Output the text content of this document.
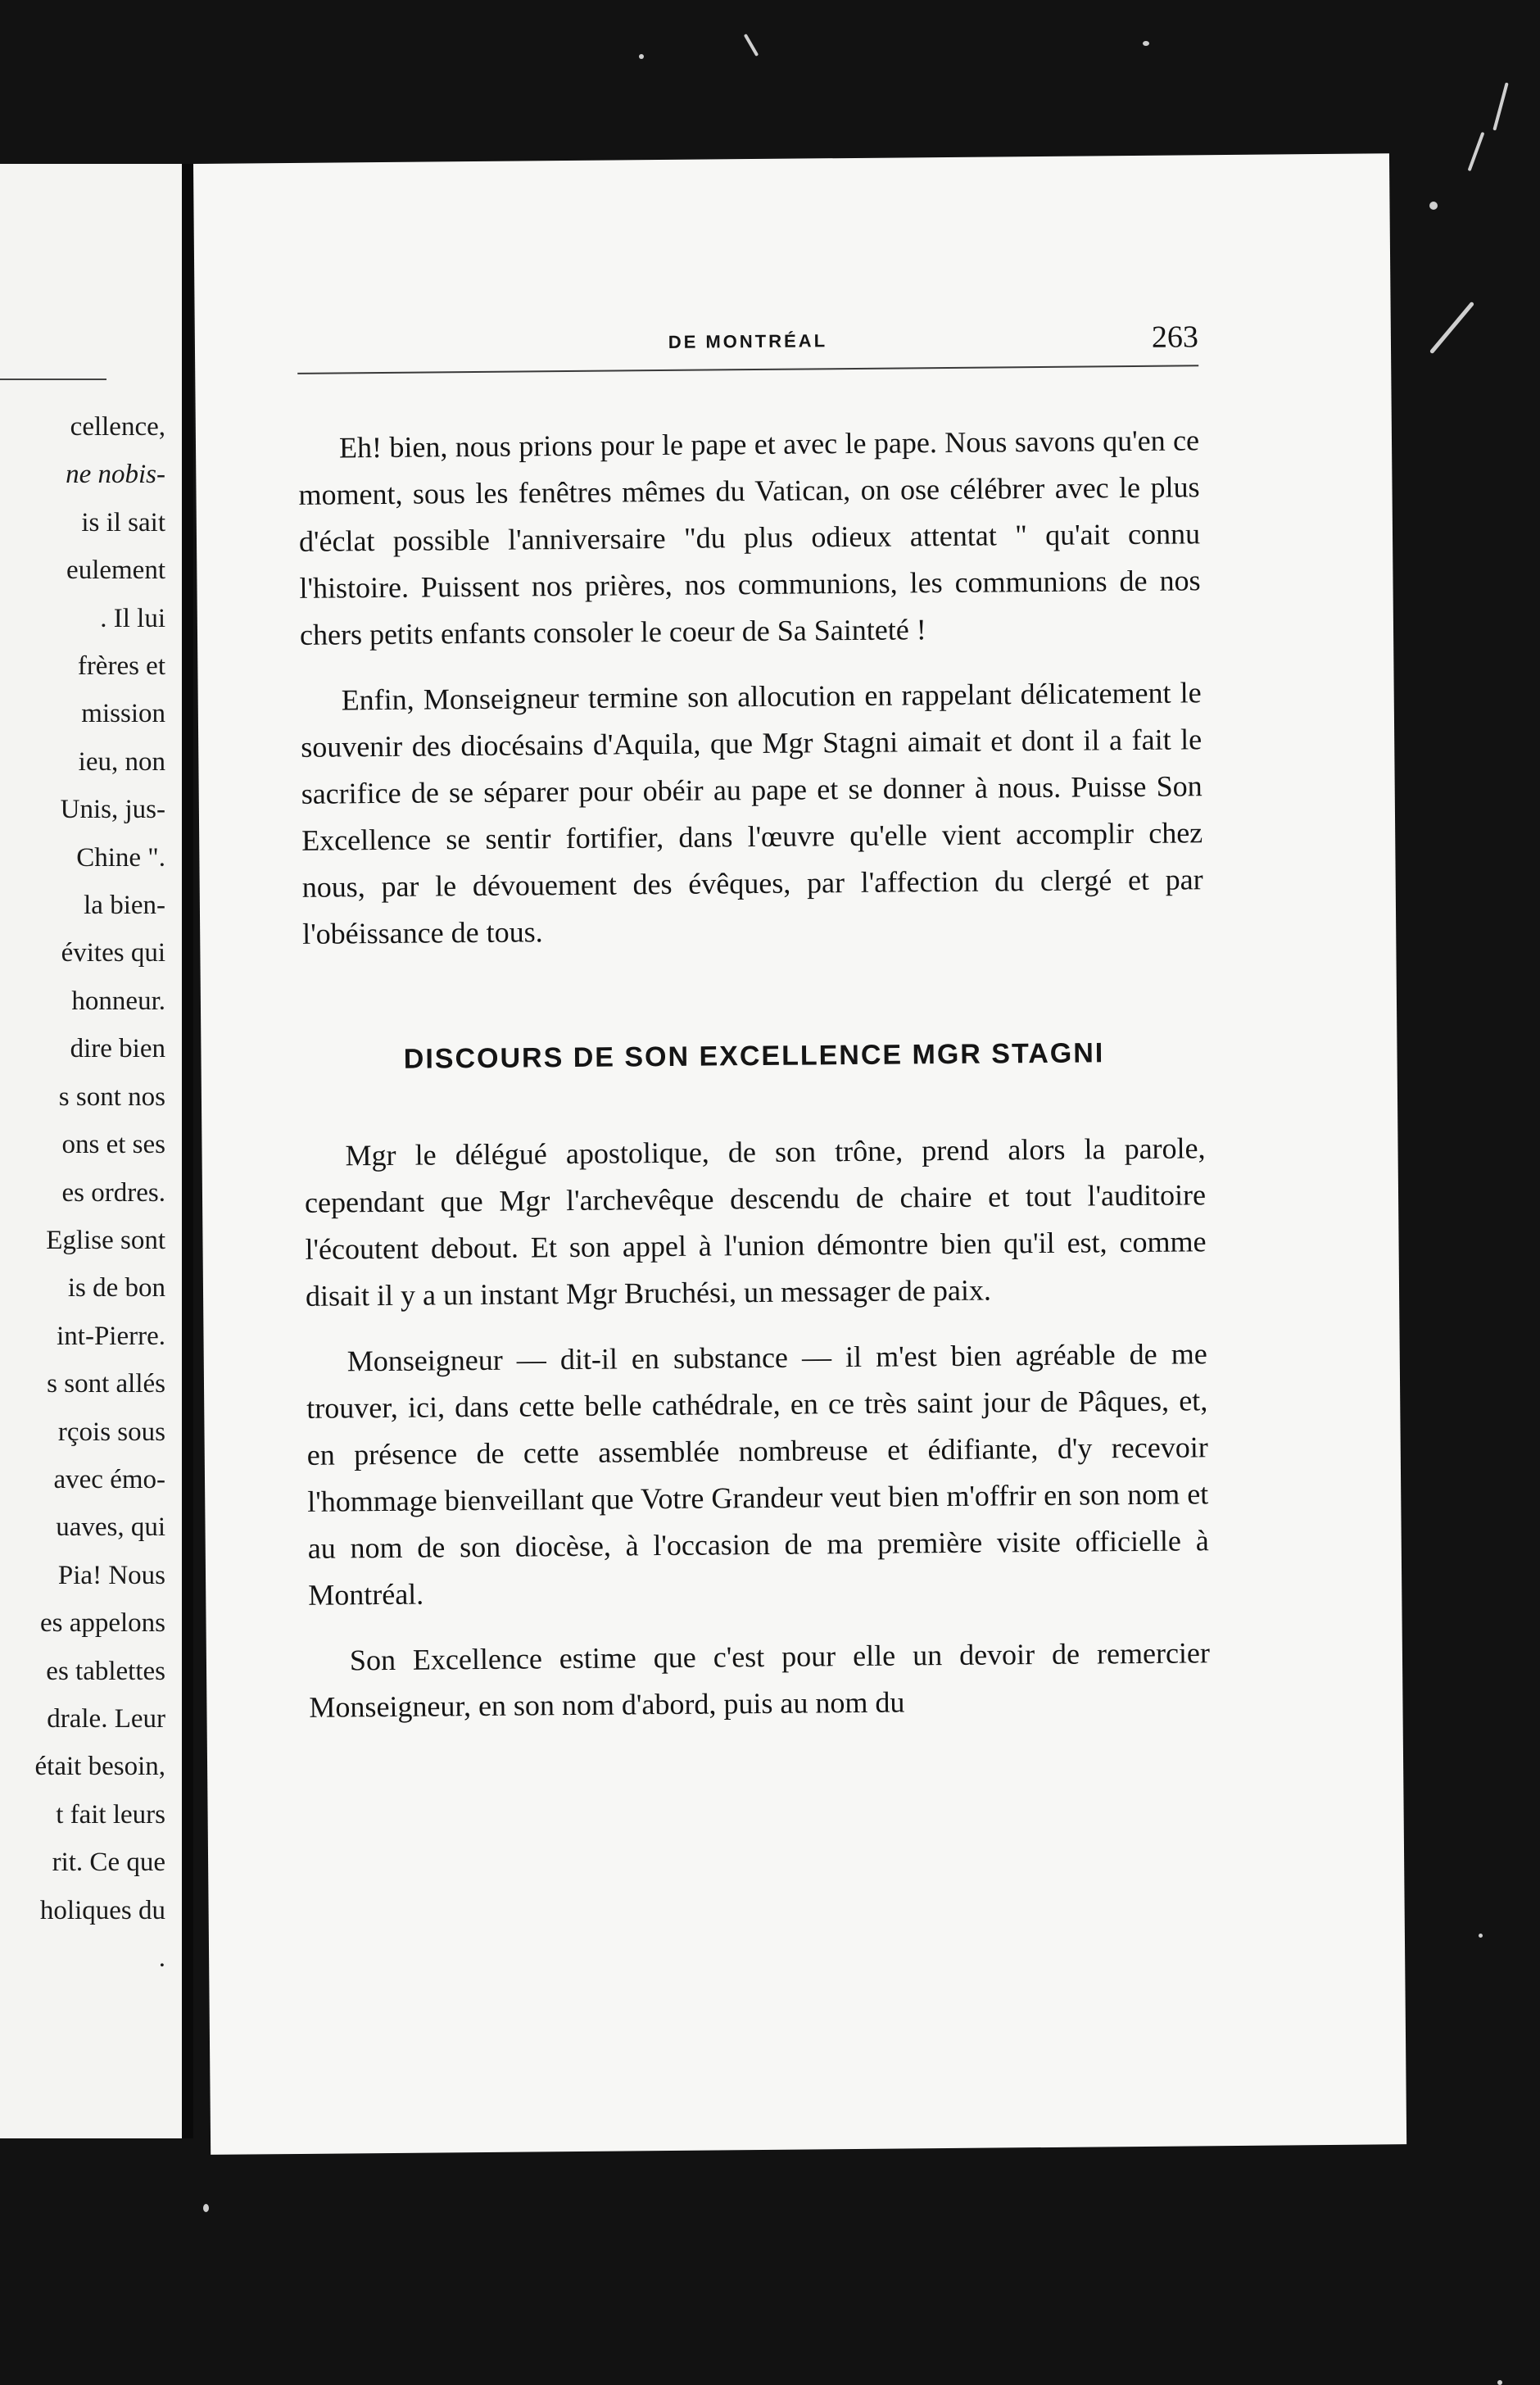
cellence,
ne nobis-
is il sait
eulement
. Il lui
frères et
mission
ieu, non
Unis, jus-
Chine ".
la bien-
évites qui
honneur.
dire bien
s sont nos
ons et ses
es ordres.
Eglise sont
is de bon
int-Pierre.
s sont allés
rçois sous
avec émo-
uaves, qui
Pia! Nous
es appelons
es tablettes
drale. Leur
était besoin,
t fait leurs
rit. Ce que
holiques du
.
DE MONTRÉAL	263

Eh! bien, nous prions pour le pape et avec le pape. Nous savons qu'en ce moment, sous les fenêtres mêmes du Vatican, on ose célébrer avec le plus d'éclat possible l'anniversaire "du plus odieux attentat " qu'ait connu l'histoire. Puissent nos prières, nos communions, les communions de nos chers petits enfants consoler le coeur de Sa Sainteté !

Enfin, Monseigneur termine son allocution en rappelant délicatement le souvenir des diocésains d'Aquila, que Mgr Stagni aimait et dont il a fait le sacrifice de se séparer pour obéir au pape et se donner à nous. Puisse Son Excellence se sentir fortifier, dans l'œuvre qu'elle vient accomplir chez nous, par le dévouement des évêques, par l'affection du clergé et par l'obéissance de tous.

DISCOURS DE SON EXCELLENCE MGR STAGNI

Mgr le délégué apostolique, de son trône, prend alors la parole, cependant que Mgr l'archevêque descendu de chaire et tout l'auditoire l'écoutent debout. Et son appel à l'union démontre bien qu'il est, comme disait il y a un instant Mgr Bruchési, un messager de paix.

Monseigneur — dit-il en substance — il m'est bien agréable de me trouver, ici, dans cette belle cathédrale, en ce très saint jour de Pâques, et, en présence de cette assemblée nombreuse et édifiante, d'y recevoir l'hommage bienveillant que Votre Grandeur veut bien m'offrir en son nom et au nom de son diocèse, à l'occasion de ma première visite officielle à Montréal.

Son Excellence estime que c'est pour elle un devoir de remercier Monseigneur, en son nom d'abord, puis au nom du
